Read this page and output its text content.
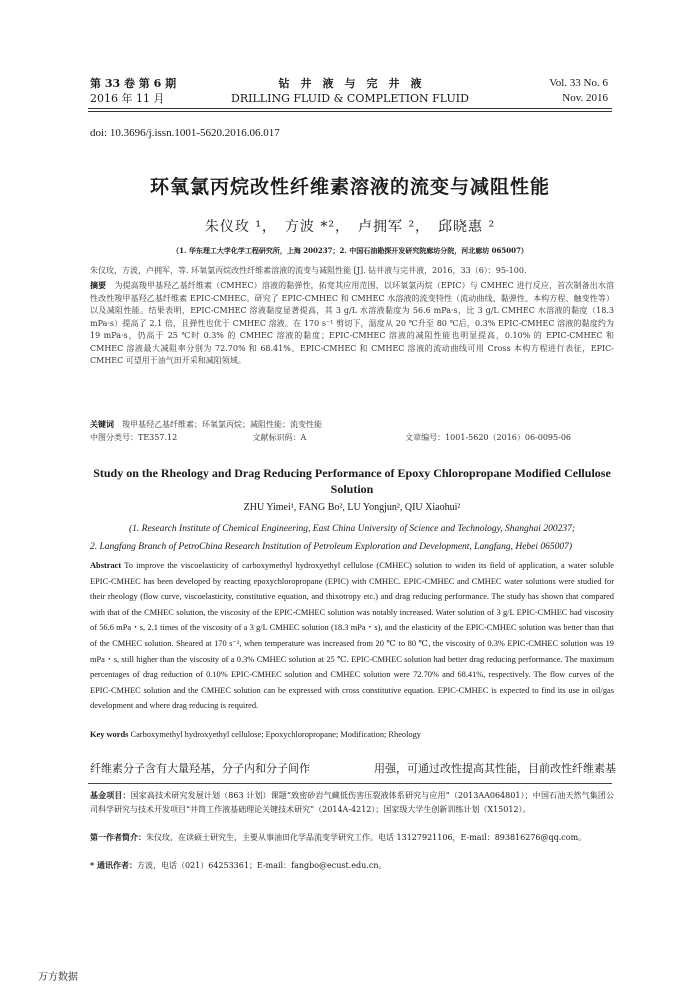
第 33 卷 第 6 期
2016 年 11 月
钻　井　液　与　完　井　液
DRILLING FLUID & COMPLETION FLUID
Vol. 33 No. 6
Nov. 2016
doi: 10.3696/j.issn.1001-5620.2016.06.017
环氧氯丙烷改性纤维素溶液的流变与减阻性能
朱仪玫 ¹，　方波 *²，　卢拥军 ²，　邱晓惠 ²
（1. 华东理工大学化学工程研究所，上海 200237；2. 中国石油勘探开发研究院廊坊分院，河北廊坊 065007）
朱仪玫，方波，卢拥军，等. 环氧氯丙烷改性纤维素溶液的流变与减阻性能 [J]. 钻井液与完井液，2016，33（6）：95-100.
摘要　 为提高羧甲基羟乙基纤维素（CMHEC）溶液的黏弹性，拓宽其应用范围，以环氧氯丙烷（EPIC）与 CMHEC 进行反应，首次制备出水溶性改性羧甲基羟乙基纤维素 EPIC-CMHEC。研究了 EPIC-CMHEC 和 CMHEC 水溶液的流变特性（流动曲线、黏弹性、本构方程、触变性等）以及减阻性能。结果表明，EPIC-CMHEC 溶液黏度显著提高，其 3 g/L 水溶液黏度为 56.6 mPa·s，比 3 g/L CMHEC 水溶液的黏度（18.3 mPa·s）提高了 2.1 倍，且弹性也优于 CMHEC 溶液。在 170 s⁻¹ 剪切下，温度从 20 ℃升至 80 ℃后，0.3% EPIC-CMHEC 溶液的黏度约为 19 mPa·s，仍高于 25 ℃时 0.3% 的 CMHEC 溶液的黏度；EPIC-CMHEC 溶液的减阻性能也明显提高，0.10% 的 EPIC-CMHEC 和 CMHEC 溶液最大减阻率分别为 72.70% 和 68.41%。EPIC-CMHEC 和 CMHEC 溶液的流动曲线可用 Cross 本构方程进行表征，EPIC-CMHEC 可望用于油气田开采和减阻领域。
关键词　 羧甲基羟乙基纤维素；环氧氯丙烷；减阻性能；流变性能
中图分类号：TE357.12	文献标识码：A	文章编号：1001-5620（2016）06-0095-06
Study on the Rheology and Drag Reducing Performance of Epoxy Chloropropane Modified Cellulose Solution
ZHU Yimei¹, FANG Bo², LU Yongjun², QIU Xiaohui²
(1. Research Institute of Chemical Engineering, East China University of Science and Technology, Shanghai 200237;
2. Langfang Branch of PetroChina Research Institution of Petroleum Exploration and Development, Langfang, Hebei 065007)
Abstract To improve the viscoelasticity of carboxymethyl hydroxyethyl cellulose (CMHEC) solution to widen its field of application, a water soluble EPIC-CMHEC has been developed by reacting epoxychloropropane (EPIC) with CMHEC. EPIC-CMHEC and CMHEC water solutions were studied for their rheology (flow curve, viscoelasticity, constitutive equation, and thixotropy etc.) and drag reducing performance. The study has shown that compared with that of the CMHEC solution, the viscosity of the EPIC-CMHEC solution was notably increased. Water solution of 3 g/L EPIC-CMHEC had viscosity of 56.6 mPa・s, 2.1 times of the viscosity of a 3 g/L CMHEC solution (18.3 mPa・s), and the elasticity of the EPIC-CMHEC solution was better than that of the CMHEC solution. Sheared at 170 s⁻¹, when temperature was increased from 20 ℃ to 80 ℃, the viscosity of 0.3% EPIC-CMHEC solution was 19 mPa・s, still higher than the viscosity of a 0.3% CMHEC solution at 25 ℃. EPIC-CMHEC solution had better drag reducing performance. The maximum percentages of drag reduction of 0.10% EPIC-CMHEC solution and CMHEC solution were 72.70% and 68.41%, respectively. The flow curves of the EPIC-CMHEC solution and the CMHEC solution can be expressed with cross constitutive equation. EPIC-CMHEC is expected to find its use in oil/gas development and where drag reducing is required.
Key words Carboxymethyl hydroxyethyl cellulose; Epoxychloropropane; Modification; Rheology
纤维素分子含有大量羟基，分子内和分子间作	用强，可通过改性提高其性能，目前改性纤维素基
基金项目：国家高技术研究发展计划（863 计划）课题“致密砂岩气藏低伤害压裂液体系研究与应用”（2013AA064801）；中国石油天然气集团公司科学研究与技术开发项目“井筒工作液基础理论关键技术研究”（2014A-4212）；国家级大学生创新训练计划（X15012）。
第一作者简介：朱仪玫，在读硕士研究生，主要从事油田化学品流变学研究工作。电话 13127921106，E-mail：893816276@qq.com。
* 通讯作者：方波，电话（021）64253361；E-mail：fangbo@ecust.edu.cn。
万方数据
